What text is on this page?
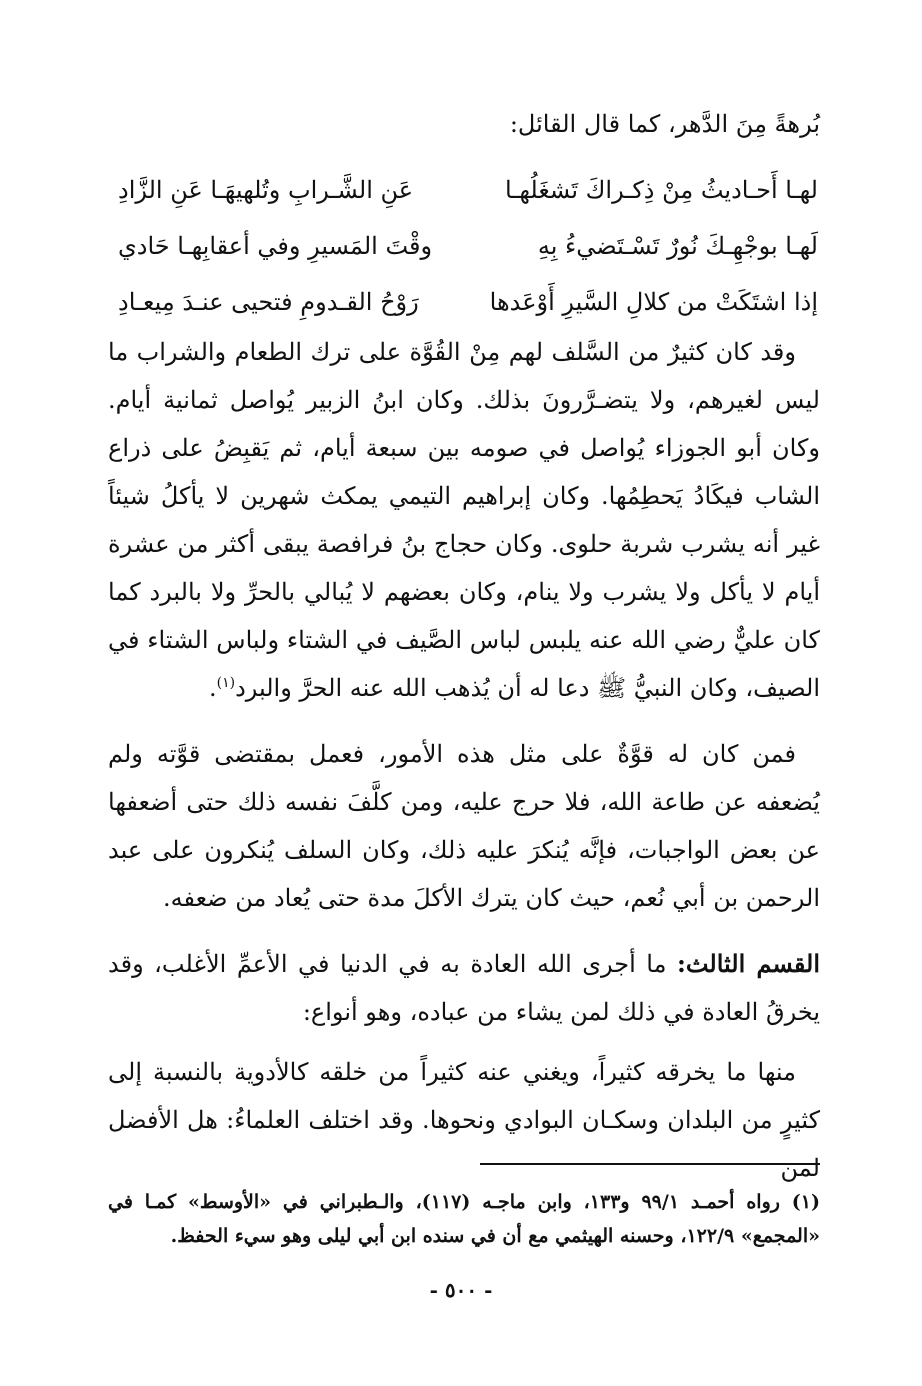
بُرهةً مِنَ الدَّهر، كما قال القائل:

لهـا أَحـاديثُ مِنْ ذِكـراكَ تَشغَلُهـا
عَنِ الشَّـرابِ وتُلهيهَـا عَنِ الزَّادِ
لَهـا بوجْهِـكَ نُورٌ تَسْـتَضيءُ بِهِ
وقْتَ المَسيرِ وفي أعقابِهـا حَادي
إذا اشتَكَتْ من كلالِ السَّيرِ أَوْعَدها
رَوْحُ القـدومِ فتحيى عنـدَ مِيعـادِ

وقد كان كثيرٌ من السَّلف لهم مِنْ القُوَّة على ترك الطعام والشراب ما ليس لغيرهم، ولا يتضـرَّرونَ بذلك. وكان ابنُ الزبير يُواصل ثمانية أيام. وكان أبو الجوزاء يُواصل في صومه بين سبعة أيام، ثم يَقبِضُ على ذراع الشاب فيكَادُ يَحطِمُها. وكان إبراهيم التيمي يمكث شهرين لا يأكلُ شيئاً غير أنه يشرب شربة حلوى. وكان حجاج بنُ فرافصة يبقى أكثر من عشرة أيام لا يأكل ولا يشرب ولا ينام، وكان بعضهم لا يُبالي بالحرِّ ولا بالبرد كما كان عليٌّ رضي الله عنه يلبس لباس الصَّيف في الشتاء ولباس الشتاء في الصيف، وكان النبيُّ ﷺ دعا له أن يُذهب الله عنه الحرَّ والبرد$^{(١)}$.

فمن كان له قوَّةٌ على مثل هذه الأمور، فعمل بمقتضى قوَّته ولم يُضعفه عن طاعة الله، فلا حرج عليه، ومن كلَّفَ نفسه ذلك حتى أضعفها عن بعض الواجبات، فإنَّه يُنكرَ عليه ذلك، وكان السلف يُنكرون على عبد الرحمن بن أبي نُعم، حيث كان يترك الأكلَ مدة حتى يُعاد من ضعفه.

القسم الثالث: ما أجرى الله العادة به في الدنيا في الأعمِّ الأغلب، وقد يخرقُ العادة في ذلك لمن يشاء من عباده، وهو أنواع:

منها ما يخرقه كثيراً، ويغني عنه كثيراً من خلقه كالأدوية بالنسبة إلى كثيرٍ من البلدان وسكـان البوادي ونحوها. وقد اختلف العلماءُ: هل الأفضل لمن

(١) رواه أحمـد ٩٩/١ و١٣٣، وابن ماجـه (١١٧)، والـطبراني في «الأوسط» كمـا في «المجمع» ١٢٢/٩، وحسنه الهيثمي مع أن في سنده ابن أبي ليلى وهو سيء الحفظ.

- ٥٠٠ -
